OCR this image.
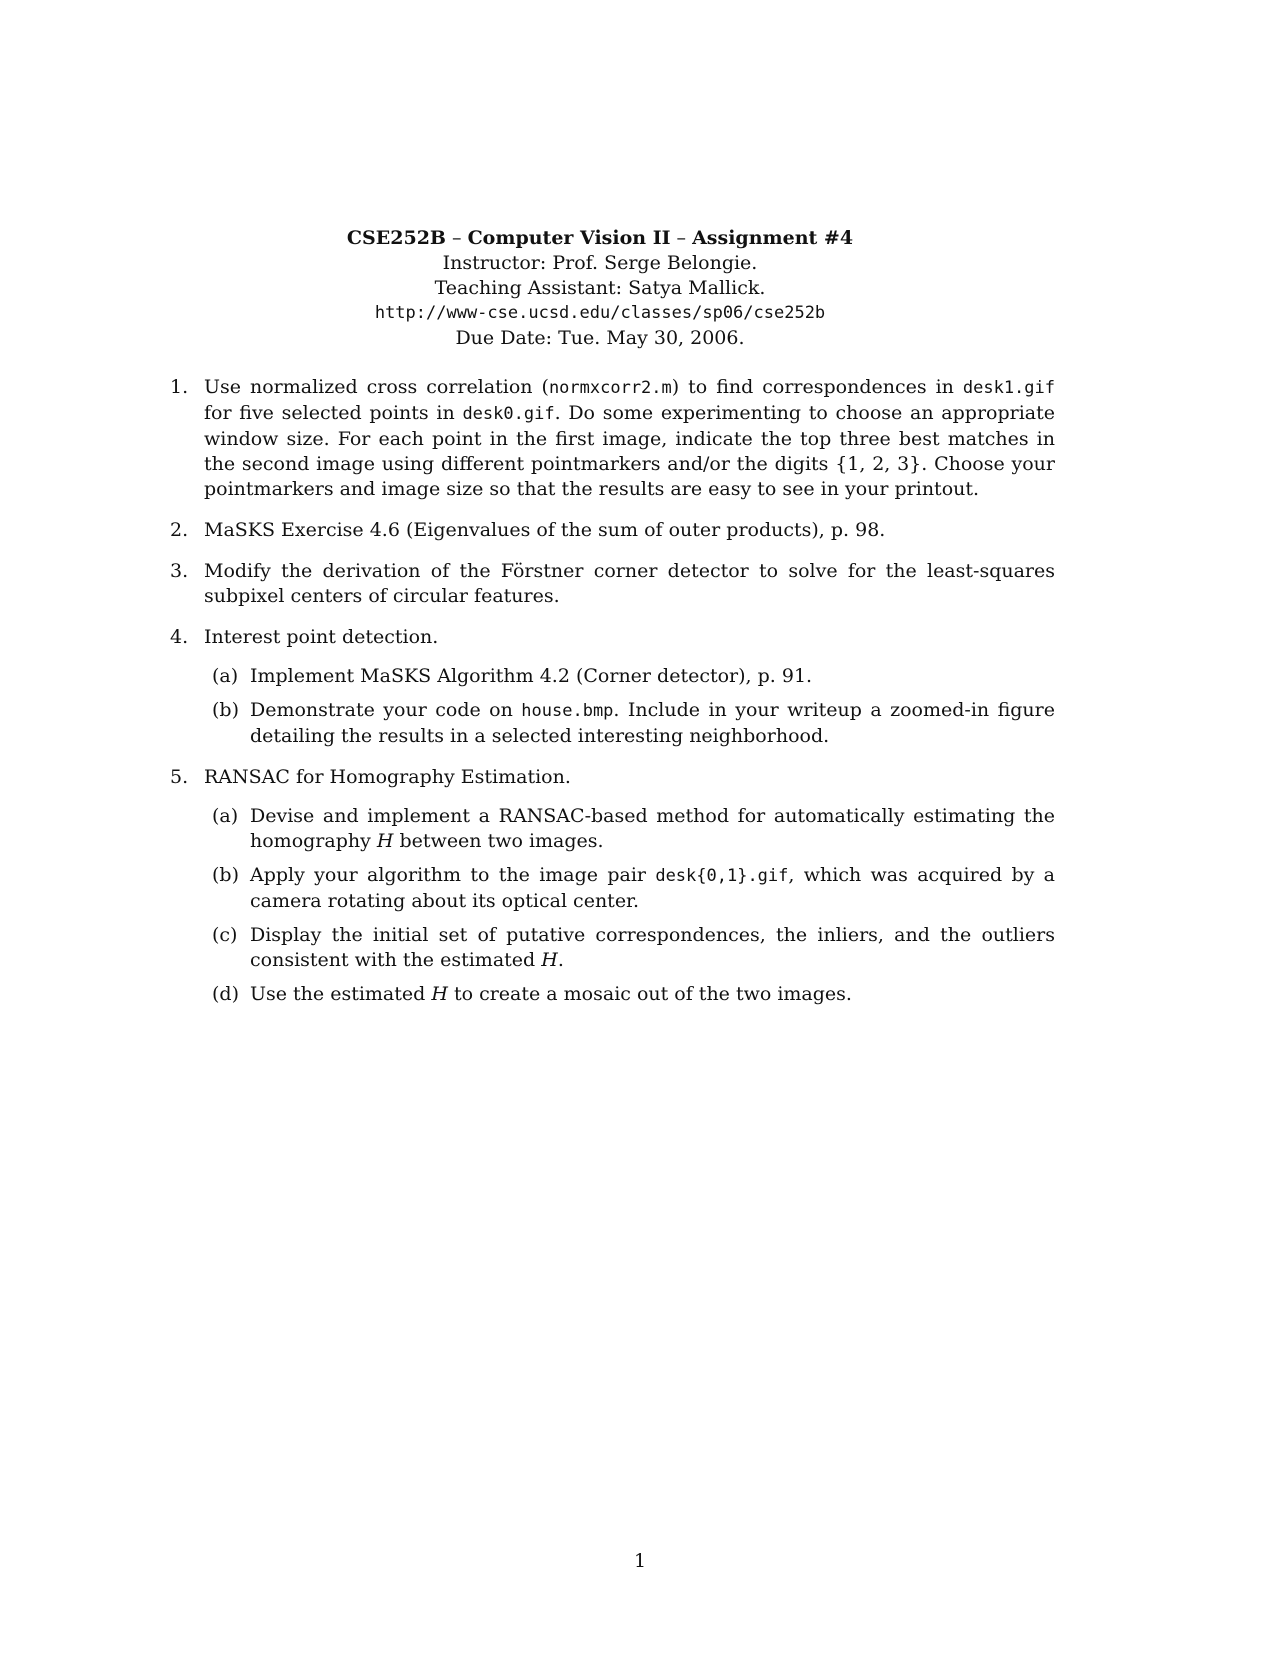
CSE252B – Computer Vision II – Assignment #4
Instructor: Prof. Serge Belongie.
Teaching Assistant: Satya Mallick.
http://www-cse.ucsd.edu/classes/sp06/cse252b
Due Date: Tue. May 30, 2006.
1. Use normalized cross correlation (normxcorr2.m) to find correspondences in desk1.gif for five selected points in desk0.gif. Do some experimenting to choose an appropriate window size. For each point in the first image, indicate the top three best matches in the second image using different pointmarkers and/or the digits {1, 2, 3}. Choose your pointmarkers and image size so that the results are easy to see in your printout.
2. MaSKS Exercise 4.6 (Eigenvalues of the sum of outer products), p. 98.
3. Modify the derivation of the Förstner corner detector to solve for the least-squares subpixel centers of circular features.
4. Interest point detection.
(a) Implement MaSKS Algorithm 4.2 (Corner detector), p. 91.
(b) Demonstrate your code on house.bmp. Include in your writeup a zoomed-in figure detailing the results in a selected interesting neighborhood.
5. RANSAC for Homography Estimation.
(a) Devise and implement a RANSAC-based method for automatically estimating the homography H between two images.
(b) Apply your algorithm to the image pair desk{0,1}.gif, which was acquired by a camera rotating about its optical center.
(c) Display the initial set of putative correspondences, the inliers, and the outliers consistent with the estimated H.
(d) Use the estimated H to create a mosaic out of the two images.
1
